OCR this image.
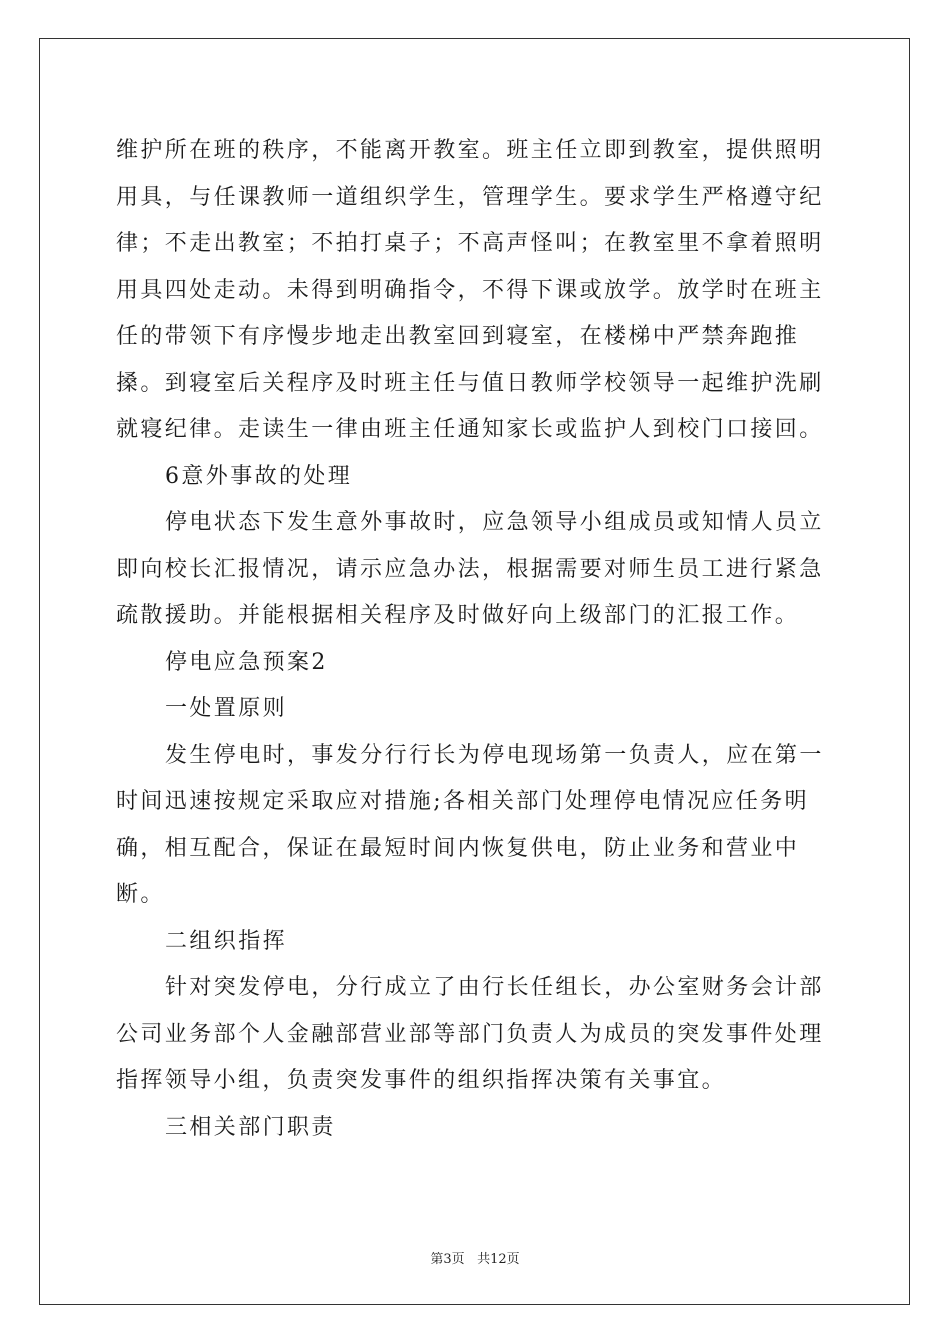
维护所在班的秩序，不能离开教室。班主任立即到教室，提供照明用具，与任课教师一道组织学生，管理学生。要求学生严格遵守纪律；不走出教室；不拍打桌子；不高声怪叫；在教室里不拿着照明用具四处走动。未得到明确指令，不得下课或放学。放学时在班主任的带领下有序慢步地走出教室回到寝室，在楼梯中严禁奔跑推搡。到寝室后关程序及时班主任与值日教师学校领导一起维护洗刷就寝纪律。走读生一律由班主任通知家长或监护人到校门口接回。

6意外事故的处理

停电状态下发生意外事故时，应急领导小组成员或知情人员立即向校长汇报情况，请示应急办法，根据需要对师生员工进行紧急疏散援助。并能根据相关程序及时做好向上级部门的汇报工作。

停电应急预案2

一处置原则

发生停电时，事发分行行长为停电现场第一负责人，应在第一时间迅速按规定采取应对措施;各相关部门处理停电情况应任务明确，相互配合，保证在最短时间内恢复供电，防止业务和营业中断。

二组织指挥

针对突发停电，分行成立了由行长任组长，办公室财务会计部公司业务部个人金融部营业部等部门负责人为成员的突发事件处理指挥领导小组，负责突发事件的组织指挥决策有关事宜。

三相关部门职责

第3页 共12页
